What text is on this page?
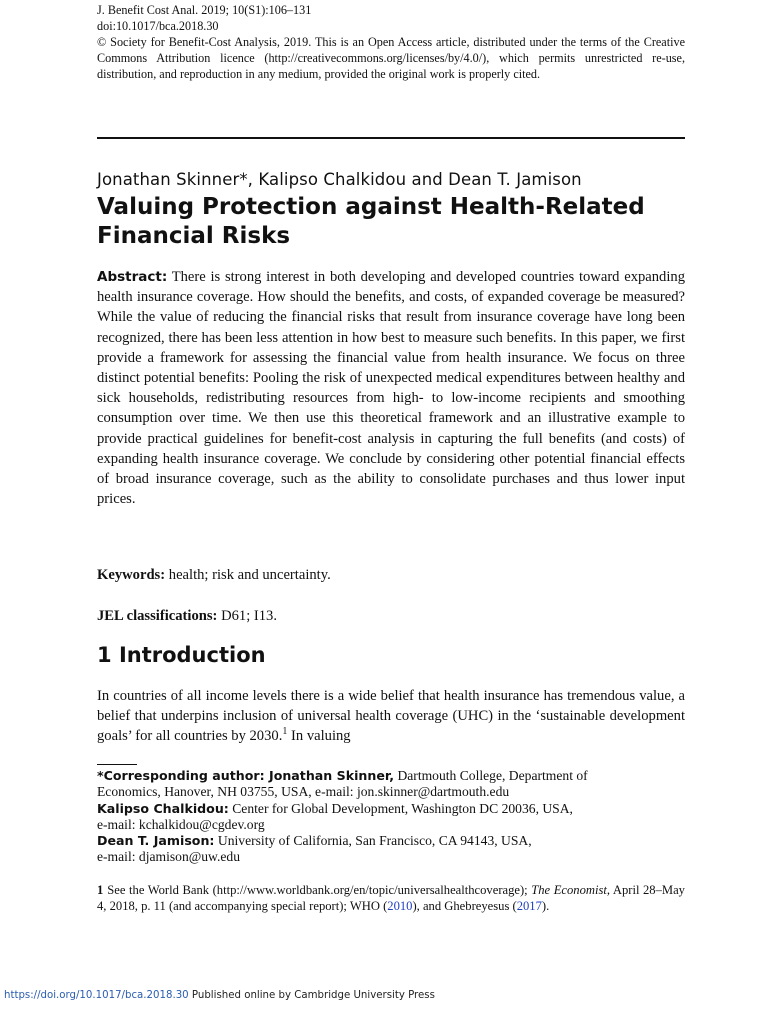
J. Benefit Cost Anal. 2019; 10(S1):106–131
doi:10.1017/bca.2018.30
© Society for Benefit-Cost Analysis, 2019. This is an Open Access article, distributed under the terms of the Creative Commons Attribution licence (http://creativecommons.org/licenses/by/4.0/), which permits unrestricted re-use, distribution, and reproduction in any medium, provided the original work is properly cited.
Jonathan Skinner*, Kalipso Chalkidou and Dean T. Jamison
Valuing Protection against Health-Related
Financial Risks
Abstract: There is strong interest in both developing and developed countries toward expanding health insurance coverage. How should the benefits, and costs, of expanded coverage be measured? While the value of reducing the financial risks that result from insurance coverage have long been recognized, there has been less attention in how best to measure such benefits. In this paper, we first provide a framework for assessing the financial value from health insurance. We focus on three distinct potential benefits: Pooling the risk of unexpected medical expenditures between healthy and sick households, redistributing resources from high- to low-income recipients and smoothing consumption over time. We then use this theoretical framework and an illustrative example to provide practical guidelines for benefit-cost analysis in capturing the full benefits (and costs) of expanding health insurance coverage. We conclude by considering other potential financial effects of broad insurance coverage, such as the ability to consolidate purchases and thus lower input prices.
Keywords: health; risk and uncertainty.
JEL classifications: D61; I13.
1 Introduction
In countries of all income levels there is a wide belief that health insurance has tremendous value, a belief that underpins inclusion of universal health coverage (UHC) in the ‘sustainable development goals’ for all countries by 2030.$^1$ In valuing
*Corresponding author: Jonathan Skinner, Dartmouth College, Department of
Economics, Hanover, NH 03755, USA, e-mail: jon.skinner@dartmouth.edu
Kalipso Chalkidou: Center for Global Development, Washington DC 20036, USA,
e-mail: kchalkidou@cgdev.org
Dean T. Jamison: University of California, San Francisco, CA 94143, USA,
e-mail: djamison@uw.edu
1 See the World Bank (http://www.worldbank.org/en/topic/universalhealthcoverage); The Economist, April 28–May 4, 2018, p. 11 (and accompanying special report); WHO (2010), and Ghebreyesus (2017).
https://doi.org/10.1017/bca.2018.30 Published online by Cambridge University Press
